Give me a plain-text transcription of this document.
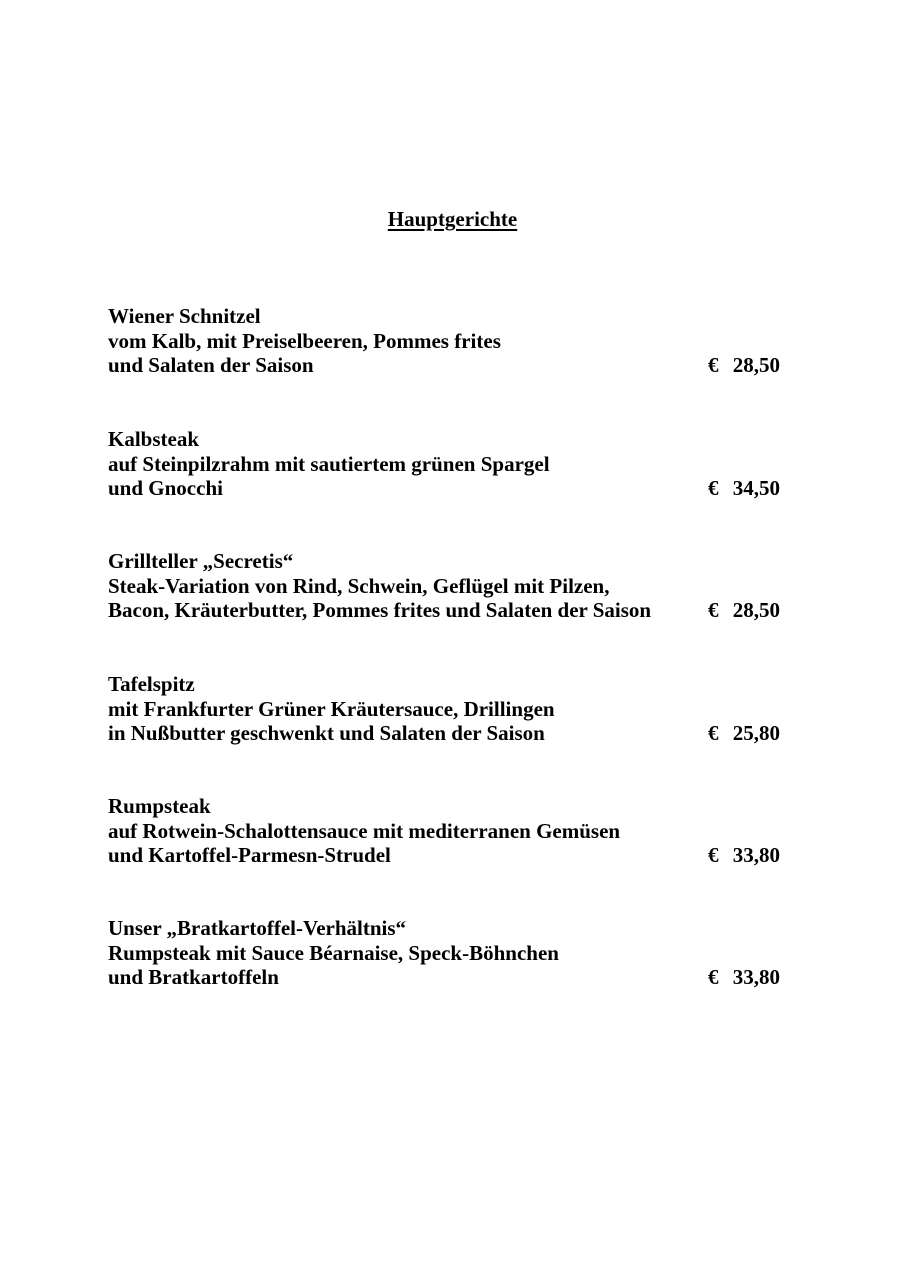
Hauptgerichte
Wiener Schnitzel
vom Kalb, mit Preiselbeeren, Pommes frites
und Salaten der Saison	€ 28,50
Kalbsteak
auf Steinpilzrahm mit sautiertem grünen Spargel
und Gnocchi	€ 34,50
Grillteller „Secretis“
Steak-Variation von Rind, Schwein, Geflügel mit Pilzen,
Bacon, Kräuterbutter, Pommes frites und Salaten der Saison	€ 28,50
Tafelspitz
mit Frankfurter Grüner Kräutersauce, Drillingen
in Nußbutter geschwenkt und Salaten der Saison	€ 25,80
Rumpsteak
auf Rotwein-Schalottensauce mit mediterranen Gemüsen
und Kartoffel-Parmesn-Strudel	€ 33,80
Unser „Bratkartoffel-Verhältnis“
Rumpsteak mit Sauce Béarnaise, Speck-Böhnchen
und Bratkartoffeln	€ 33,80
